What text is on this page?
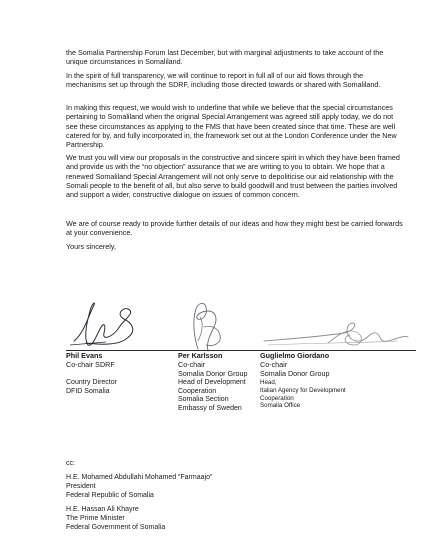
the Somalia Partnership Forum last December, but with marginal adjustments to take account of the unique circumstances in Somaliland.

In the spirit of full transparency, we will continue to report in full all of our aid flows through the mechanisms set up through the SDRF, including those directed towards or shared with Somaliland.

In making this request, we would wish to underline that while we believe that the special circumstances pertaining to Somaliland when the original Special Arrangement was agreed still apply today, we do not see these circumstances as applying to the FMS that have been created since that time. These are well catered for by, and fully incorporated in, the framework set out at the London Conference under the New Partnership.

We trust you will view our proposals in the constructive and sincere spirit in which they have been framed and provide us with the “no objection” assurance that we are writing to you to obtain. We hope that a renewed Somaliland Special Arrangement will not only serve to depoliticise our aid relationship with the Somali people to the benefit of all, but also serve to build goodwill and trust between the parties involved and support a wider, constructive dialogue on issues of common concern.

We are of course ready to provide further details of our ideas and how they might best be carried forwards at your convenience.

Yours sincerely,

Phil Evans
Co-chair SDRF
Per Karlsson
Co-chair
Somalia Donor Group
Guglielmo Giordano
Co-chair
Somalia Donor Group
Country Director
DFID Somalia
Head of Development
Cooperation
Somalia Section
Embassy of Sweden
Head,
Italian Agency for Development
Cooperation
Somalia Office
cc:
H.E. Mohamed Abdullahi Mohamed “Farmaajo”
President
Federal Republic of Somalia
H.E. Hassan Ali Khayre
The Prime Minister
Federal Government of Somalia
